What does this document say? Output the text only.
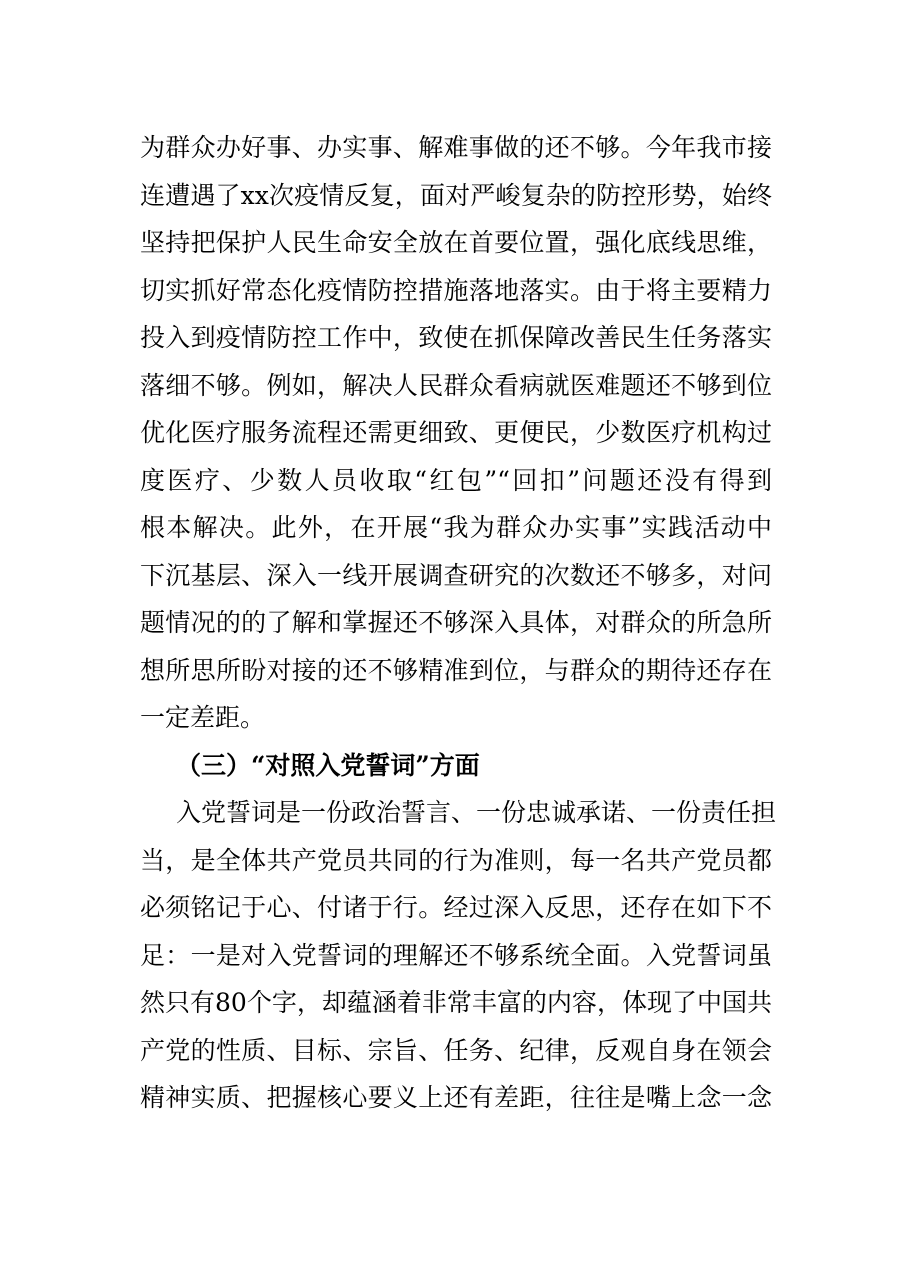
为群众办好事、办实事、解难事做的还不够。今年我市接
连遭遇了xx次疫情反复，面对严峻复杂的防控形势，始终
坚持把保护人民生命安全放在首要位置，强化底线思维，
切实抓好常态化疫情防控措施落地落实。由于将主要精力
投入到疫情防控工作中，致使在抓保障改善民生任务落实
落细不够。例如，解决人民群众看病就医难题还不够到位
优化医疗服务流程还需更细致、更便民，少数医疗机构过
度医疗、少数人员收取“红包”“回扣”问题还没有得到
根本解决。此外，在开展“我为群众办实事”实践活动中
下沉基层、深入一线开展调查研究的次数还不够多，对问
题情况的的了解和掌握还不够深入具体，对群众的所急所
想所思所盼对接的还不够精准到位，与群众的期待还存在
一定差距。
（三）“对照入党誓词”方面
入党誓词是一份政治誓言、一份忠诚承诺、一份责任担
当，是全体共产党员共同的行为准则，每一名共产党员都
必须铭记于心、付诸于行。经过深入反思，还存在如下不
足：一是对入党誓词的理解还不够系统全面。入党誓词虽
然只有80个字，却蕴涵着非常丰富的内容，体现了中国共
产党的性质、目标、宗旨、任务、纪律，反观自身在领会
精神实质、把握核心要义上还有差距，往往是嘴上念一念
